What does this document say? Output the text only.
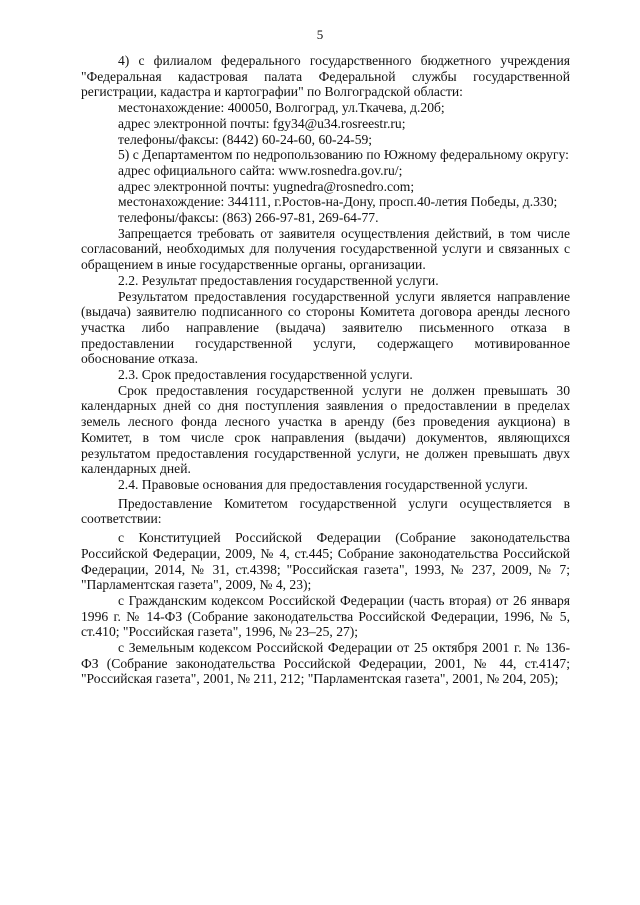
5

4) с филиалом федерального государственного бюджетного учреждения "Федеральная кадастровая палата Федеральной службы государственной регистрации, кадастра и картографии" по Волгоградской области:

местонахождение: 400050, Волгоград, ул.Ткачева, д.20б;

адрес электронной почты: fgy34@u34.rosreestr.ru;

телефоны/факсы: (8442) 60-24-60, 60-24-59;

5) с Департаментом по недропользованию по Южному федеральному округу:

адрес официального сайта: www.rosnedra.gov.ru/;

адрес электронной почты: yugnedra@rosnedro.com;

местонахождение: 344111, г.Ростов-на-Дону, просп.40-летия Победы, д.330;

телефоны/факсы: (863) 266-97-81, 269-64-77.

Запрещается требовать от заявителя осуществления действий, в том числе согласований, необходимых для получения государственной услуги и связанных с обращением в иные государственные органы, организации.

2.2. Результат предоставления государственной услуги.

Результатом предоставления государственной услуги является направление (выдача) заявителю подписанного со стороны Комитета договора аренды лесного участка либо направление (выдача) заявителю письменного отказа в предоставлении государственной услуги, содержащего мотивированное обоснование отказа.

2.3. Срок предоставления государственной услуги.

Срок предоставления государственной услуги не должен превышать 30 календарных дней со дня поступления заявления о предоставлении в пределах земель лесного фонда лесного участка в аренду (без проведения аукциона) в Комитет, в том числе срок направления (выдачи) документов, являющихся результатом предоставления государственной услуги, не должен превышать двух календарных дней.

2.4. Правовые основания для предоставления государственной услуги.

Предоставление Комитетом государственной услуги осуществляется в соответствии:

с Конституцией Российской Федерации (Собрание законодательства Российской Федерации, 2009, № 4, ст.445; Собрание законодательства Российской Федерации, 2014, № 31, ст.4398; "Российская газета", 1993, № 237, 2009, № 7; "Парламентская газета", 2009, № 4, 23);

с Гражданским кодексом Российской Федерации (часть вторая) от 26 января 1996 г. № 14-ФЗ (Собрание законодательства Российской Федерации, 1996, № 5, ст.410; "Российская газета", 1996, № 23–25, 27);

с Земельным кодексом Российской Федерации от 25 октября 2001 г. № 136-ФЗ (Собрание законодательства Российской Федерации, 2001, № 44, ст.4147; "Российская газета", 2001, № 211, 212; "Парламентская газета", 2001, № 204, 205);
